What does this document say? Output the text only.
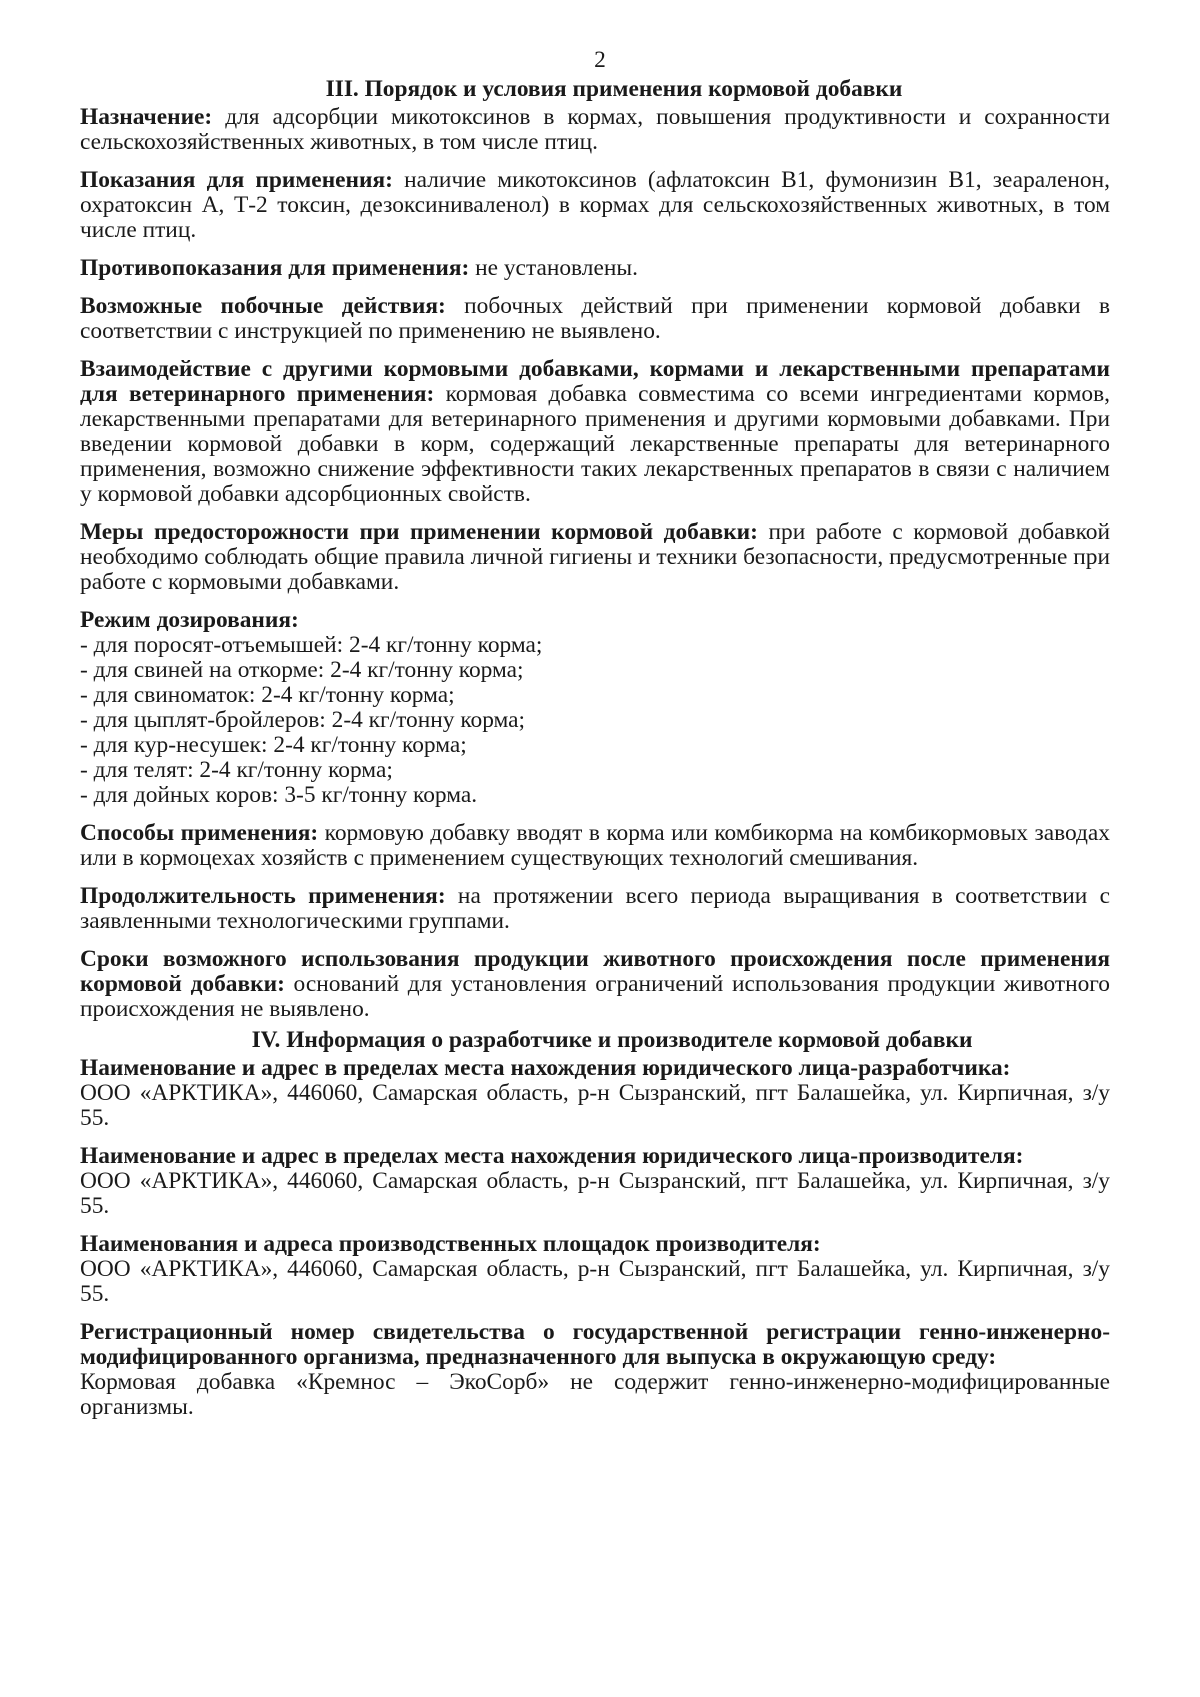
2
III. Порядок и условия применения кормовой добавки
Назначение: для адсорбции микотоксинов в кормах, повышения продуктивности и сохранности сельскохозяйственных животных, в том числе птиц.
Показания для применения: наличие микотоксинов (афлатоксин В1, фумонизин В1, зеараленон, охратоксин А, Т-2 токсин, дезоксиниваленол) в кормах для сельскохозяйственных животных, в том числе птиц.
Противопоказания для применения: не установлены.
Возможные побочные действия: побочных действий при применении кормовой добавки в соответствии с инструкцией по применению не выявлено.
Взаимодействие с другими кормовыми добавками, кормами и лекарственными препаратами для ветеринарного применения: кормовая добавка совместима со всеми ингредиентами кормов, лекарственными препаратами для ветеринарного применения и другими кормовыми добавками. При введении кормовой добавки в корм, содержащий лекарственные препараты для ветеринарного применения, возможно снижение эффективности таких лекарственных препаратов в связи с наличием у кормовой добавки адсорбционных свойств.
Меры предосторожности при применении кормовой добавки: при работе с кормовой добавкой необходимо соблюдать общие правила личной гигиены и техники безопасности, предусмотренные при работе с кормовыми добавками.
Режим дозирования:
- для поросят-отъемышей: 2-4 кг/тонну корма;
- для свиней на откорме: 2-4 кг/тонну корма;
- для свиноматок: 2-4 кг/тонну корма;
- для цыплят-бройлеров: 2-4 кг/тонну корма;
- для кур-несушек: 2-4 кг/тонну корма;
- для телят: 2-4 кг/тонну корма;
- для дойных коров: 3-5 кг/тонну корма.
Способы применения: кормовую добавку вводят в корма или комбикорма на комбикормовых заводах или в кормоцехах хозяйств с применением существующих технологий смешивания.
Продолжительность применения: на протяжении всего периода выращивания в соответствии с заявленными технологическими группами.
Сроки возможного использования продукции животного происхождения после применения кормовой добавки: оснований для установления ограничений использования продукции животного происхождения не выявлено.
IV. Информация о разработчике и производителе кормовой добавки
Наименование и адрес в пределах места нахождения юридического лица-разработчика:
ООО «АРКТИКА», 446060, Самарская область, р-н Сызранский, пгт Балашейка, ул. Кирпичная, з/у 55.
Наименование и адрес в пределах места нахождения юридического лица-производителя:
ООО «АРКТИКА», 446060, Самарская область, р-н Сызранский, пгт Балашейка, ул. Кирпичная, з/у 55.
Наименования и адреса производственных площадок производителя:
ООО «АРКТИКА», 446060, Самарская область, р-н Сызранский, пгт Балашейка, ул. Кирпичная, з/у 55.
Регистрационный номер свидетельства о государственной регистрации генно-инженерно-модифицированного организма, предназначенного для выпуска в окружающую среду:
Кормовая добавка «Кремнос – ЭкоСорб» не содержит генно-инженерно-модифицированные организмы.
